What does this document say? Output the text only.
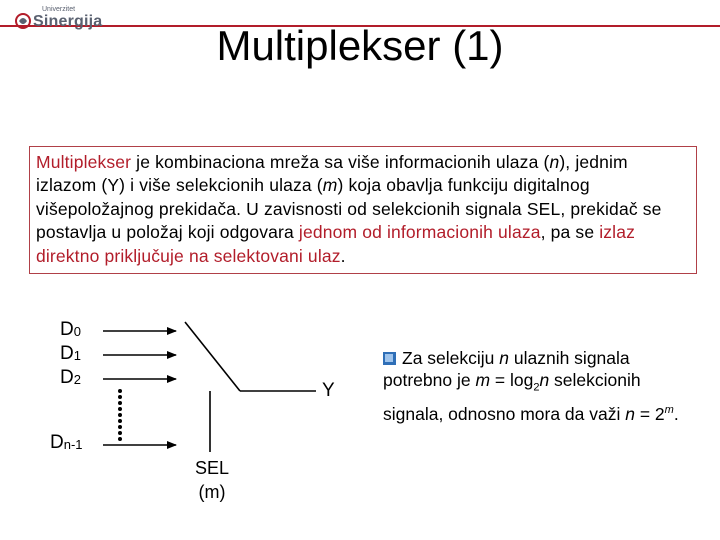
Univerzitet
Sinergija
Multiplekser (1)
Multiplekser je kombinaciona mreža sa više informacionih ulaza (n), jednim izlazom (Y) i više selekcionih ulaza (m) koja obavlja funkciju digitalnog višepoložajnog prekidača. U zavisnosti od selekcionih signala SEL, prekidač se postavlja u položaj koji odgovara jednom od informacionih ulaza, pa se izlaz direktno priključuje na selektovani ulaz.
$D_0$
$D_1$
$D_2$
$D_{n-1}$
Y
SEL
(m)
Za selekciju n ulaznih signala potrebno je $m = \log_2n$ selekcionih signala, odnosno mora da važi $n = 2^m$.
